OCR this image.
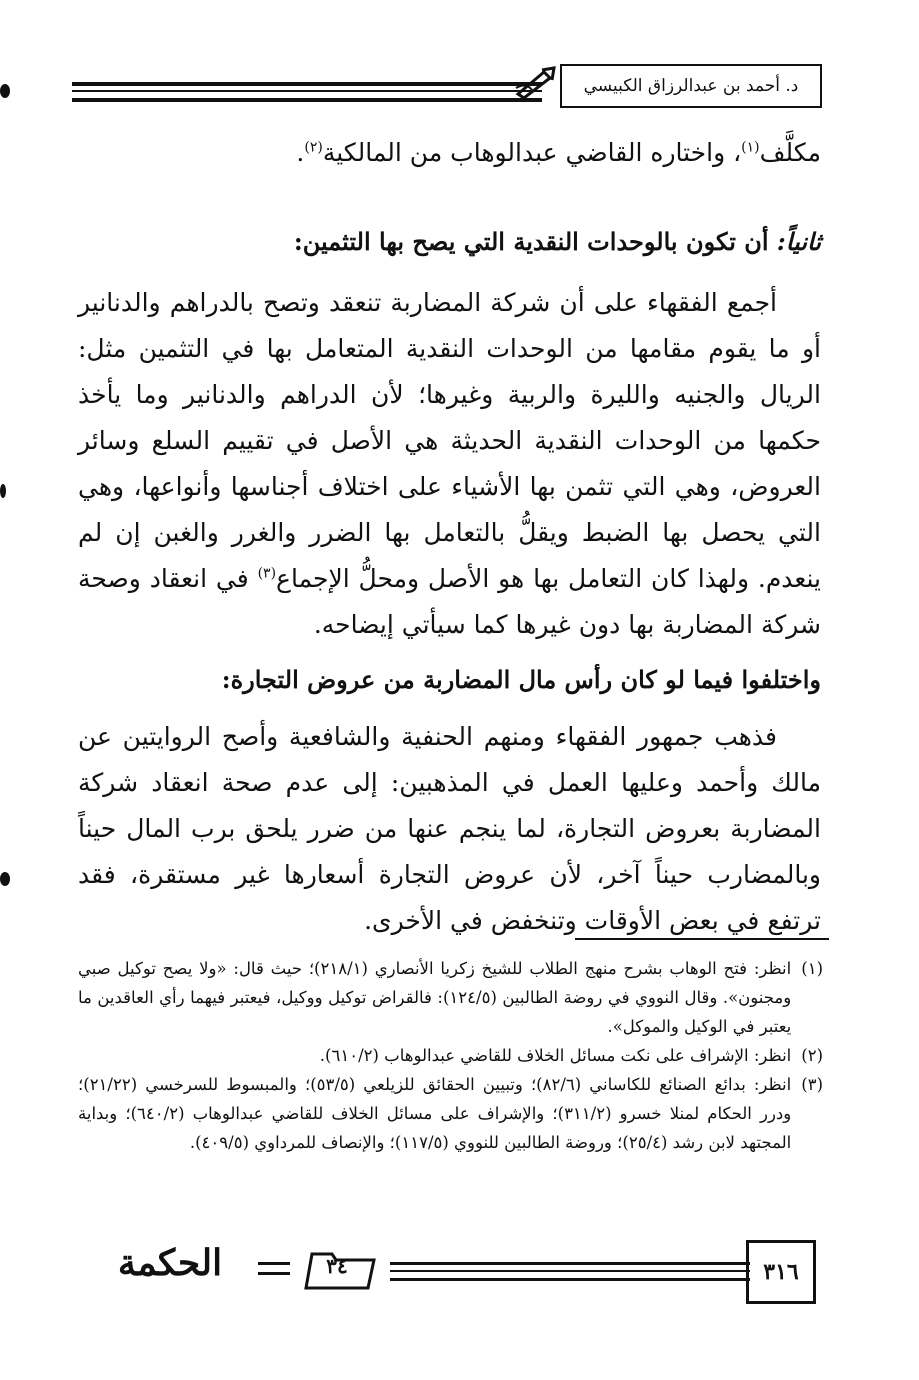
د. أحمد بن عبدالرزاق الكبيسي

مكلَّف$^{(١)}$، واختاره القاضي عبدالوهاب من المالكية$^{(٢)}$.

ثانياً: أن تكون بالوحدات النقدية التي يصح بها التثمين:

أجمع الفقهاء على أن شركة المضاربة تنعقد وتصح بالدراهم والدنانير أو ما يقوم مقامها من الوحدات النقدية المتعامل بها في التثمين مثل: الريال والجنيه والليرة والربية وغيرها؛ لأن الدراهم والدنانير وما يأخذ حكمها من الوحدات النقدية الحديثة هي الأصل في تقييم السلع وسائر العروض، وهي التي تثمن بها الأشياء على اختلاف أجناسها وأنواعها، وهي التي يحصل بها الضبط ويقلُّ بالتعامل بها الضرر والغرر والغبن إن لم ينعدم. ولهذا كان التعامل بها هو الأصل ومحلُّ الإجماع$^{(٣)}$ في انعقاد وصحة شركة المضاربة بها دون غيرها كما سيأتي إيضاحه.

واختلفوا فيما لو كان رأس مال المضاربة من عروض التجارة:

فذهب جمهور الفقهاء ومنهم الحنفية والشافعية وأصح الروايتين عن مالك وأحمد وعليها العمل في المذهبين: إلى عدم صحة انعقاد شركة المضاربة بعروض التجارة، لما ينجم عنها من ضرر يلحق برب المال حيناً وبالمضارب حيناً آخر، لأن عروض التجارة أسعارها غير مستقرة، فقد ترتفع في بعض الأوقات وتنخفض في الأخرى.

(١)
انظر: فتح الوهاب بشرح منهج الطلاب للشيخ زكريا الأنصاري (٢١٨/١)؛ حيث قال: «ولا يصح توكيل صبي ومجنون». وقال النووي في روضة الطالبين (١٢٤/٥): فالقراض توكيل ووكيل، فيعتبر فيهما رأي العاقدين ما يعتبر في الوكيل والموكل».

(٢)
انظر: الإشراف على نكت مسائل الخلاف للقاضي عبدالوهاب (٦١٠/٢).

(٣)
انظر: بدائع الصنائع للكاساني (٨٢/٦)؛ وتبيين الحقائق للزيلعي (٥٣/٥)؛ والمبسوط للسرخسي (٢١/٢٢)؛ ودرر الحكام لمنلا خسرو (٣١١/٢)؛ والإشراف على مسائل الخلاف للقاضي عبدالوهاب (٦٤٠/٢)؛ وبداية المجتهد لابن رشد (٢٥/٤)؛ وروضة الطالبين للنووي (١١٧/٥)؛ والإنصاف للمرداوي (٤٠٩/٥).

٣٤
الحكمة	٣١٦
